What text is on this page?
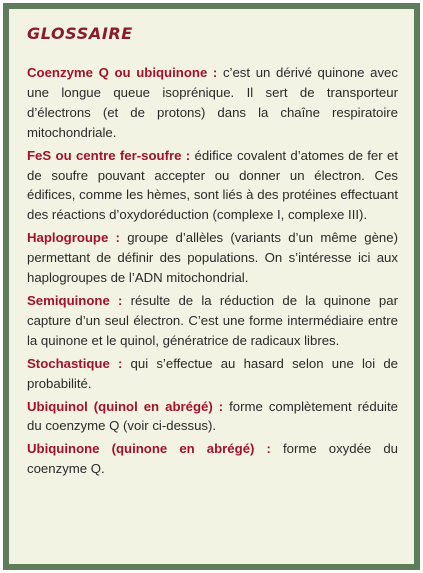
GLOSSAIRE

Coenzyme Q ou ubiquinone : c’est un dérivé quinone avec une longue queue isoprénique. Il sert de transporteur d’électrons (et de protons) dans la chaîne respiratoire mitochondriale.

FeS ou centre fer-soufre : édifice covalent d’atomes de fer et de soufre pouvant accepter ou donner un électron. Ces édifices, comme les hèmes, sont liés à des protéines effectuant des réactions d’oxydoréduction (complexe I, complexe III).

Haplogroupe : groupe d’allèles (variants d’un même gène) permettant de définir des populations. On s’intéresse ici aux haplogroupes de l’ADN mitochondrial.

Semiquinone : résulte de la réduction de la quinone par capture d’un seul électron. C’est une forme intermédiaire entre la quinone et le quinol, génératrice de radicaux libres.

Stochastique : qui s’effectue au hasard selon une loi de probabilité.

Ubiquinol (quinol en abrégé) : forme complètement réduite du coenzyme Q (voir ci-dessus).

Ubiquinone (quinone en abrégé) : forme oxydée du coenzyme Q.
